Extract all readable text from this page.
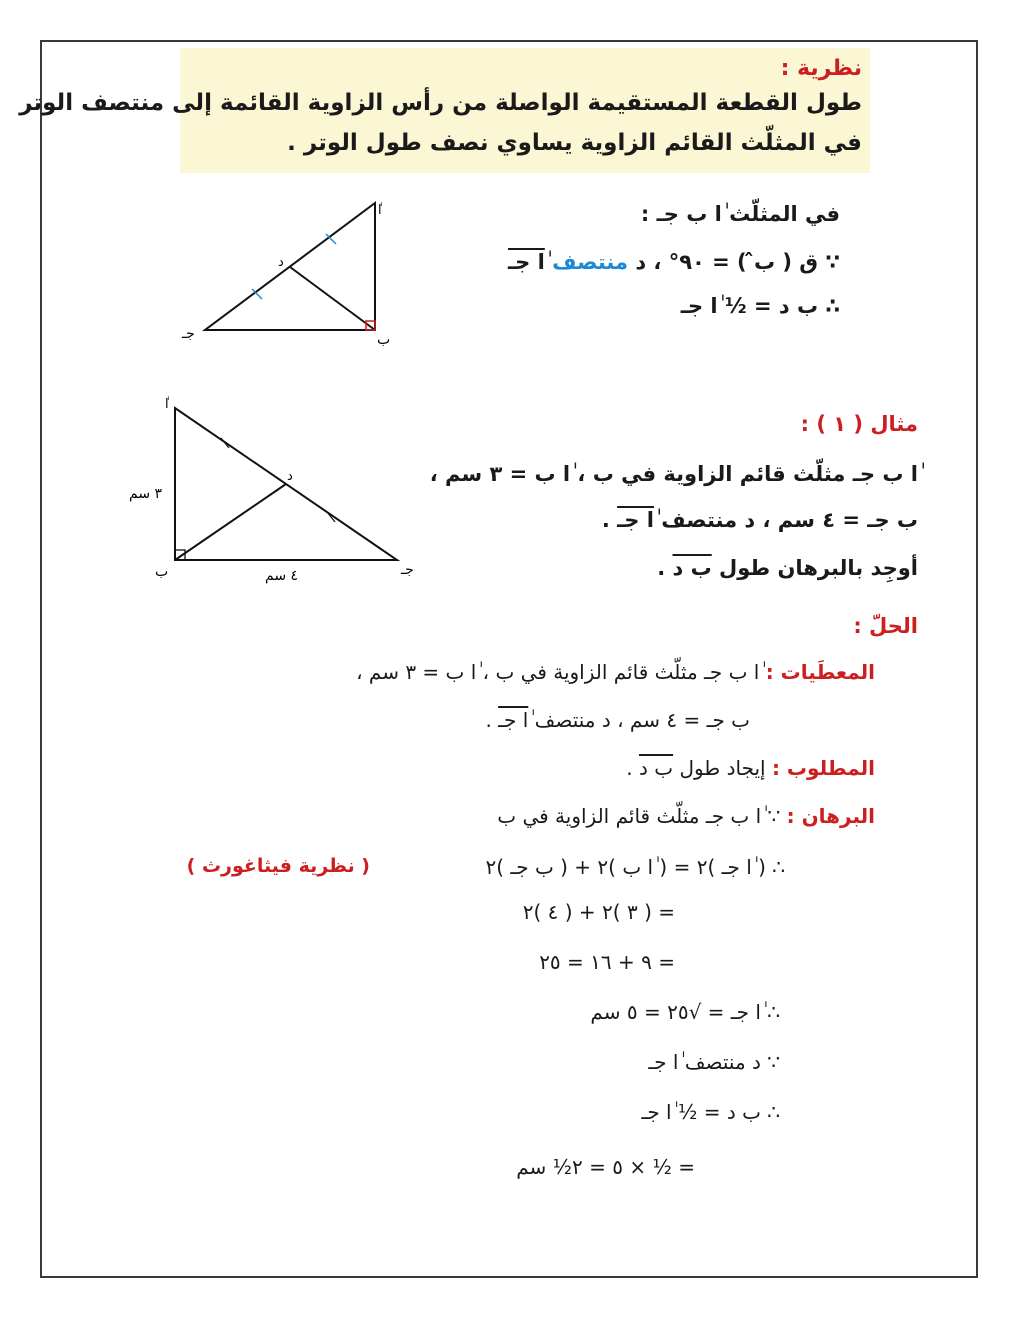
نظرية :
طول القطعة المستقيمة الواصلة من رأس الزاوية القائمة إلى منتصف الوتر
في المثلّث القائم الزاوية يساوي نصف طول الوتر .
في المثلّث ٰا ب جـ :
∵ ق ( ب̂ ) = ٩٠° ، د منتصف ٰا جـ
∴ ب د = ½ ٰا جـ
ٰا
ب
جـ
د
مثال ( ١ ) :
ٰا ب جـ مثلّث قائم الزاوية في ب ، ٰا ب = ٣ سم ،
ب جـ = ٤ سم ، د منتصف ٰا جـ .
أوجِد بالبرهان طول ب د .
ٰا
ب	جـ
د
٣ سم
٤ سم
الحلّ :
المعطَيات : ٰا ب جـ مثلّث قائم الزاوية في ب ، ٰا ب = ٣ سم ،
ب جـ = ٤ سم ، د منتصف ٰا جـ .
المطلوب : إيجاد طول ب د .
البرهان : ∵ ٰا ب جـ مثلّث قائم الزاوية في ب
( نظرية فيثاغورث )	∴ ( ٰا جـ )٢ = ( ٰا ب )٢ + ( ب جـ )٢
= ( ٣ )٢ + ( ٤ )٢
= ٩ + ١٦ = ٢٥
∴ ٰا جـ = √٢٥ = ٥ سم
∵ د منتصف ٰا جـ
∴ ب د = ½ ٰا جـ
= ½ × ٥ = ٢½ سم
